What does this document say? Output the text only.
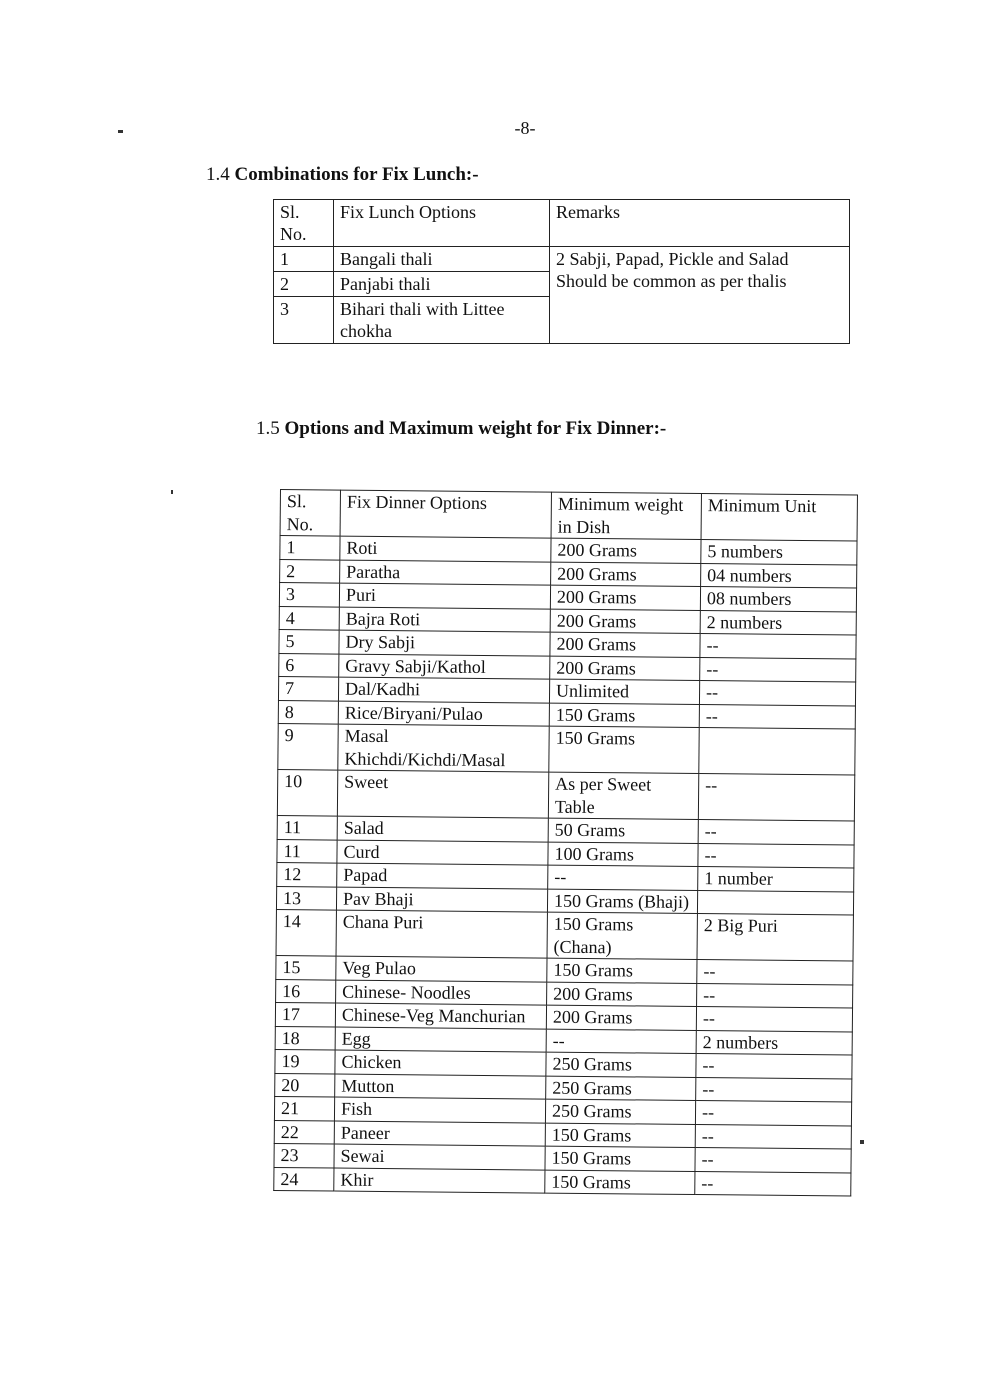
-8-
1.4 Combinations for Fix Lunch:-
Sl. No.	Fix Lunch Options	Remarks
1	Bangali thali	2 Sabji, Papad, Pickle and Salad Should be common as per thalis
2	Panjabi thali	
3	Bihari thali with Littee chokha	
1.5 Options and Maximum weight for Fix Dinner:-
Sl. No.	Fix Dinner Options	Minimum weight in Dish	Minimum Unit
1	Roti	200 Grams	5 numbers
2	Paratha	200 Grams	04 numbers
3	Puri	200 Grams	08 numbers
4	Bajra Roti	200 Grams	2 numbers
5	Dry Sabji	200 Grams	--
6	Gravy Sabji/Kathol	200 Grams	--
7	Dal/Kadhi	Unlimited	--
8	Rice/Biryani/Pulao	150 Grams	--
9	Masal Khichdi/Kichdi/Masal	150 Grams	
10	Sweet	As per Sweet Table	--
11	Salad	50 Grams	--
11	Curd	100 Grams	--
12	Papad	--	1 number
13	Pav Bhaji	150 Grams (Bhaji)	
14	Chana Puri	150 Grams (Chana)	2 Big Puri
15	Veg Pulao	150 Grams	--
16	Chinese- Noodles	200 Grams	--
17	Chinese-Veg Manchurian	200 Grams	--
18	Egg	--	2 numbers
19	Chicken	250 Grams	--
20	Mutton	250 Grams	--
21	Fish	250 Grams	--
22	Paneer	150 Grams	--
23	Sewai	150 Grams	--
24	Khir	150 Grams	--
